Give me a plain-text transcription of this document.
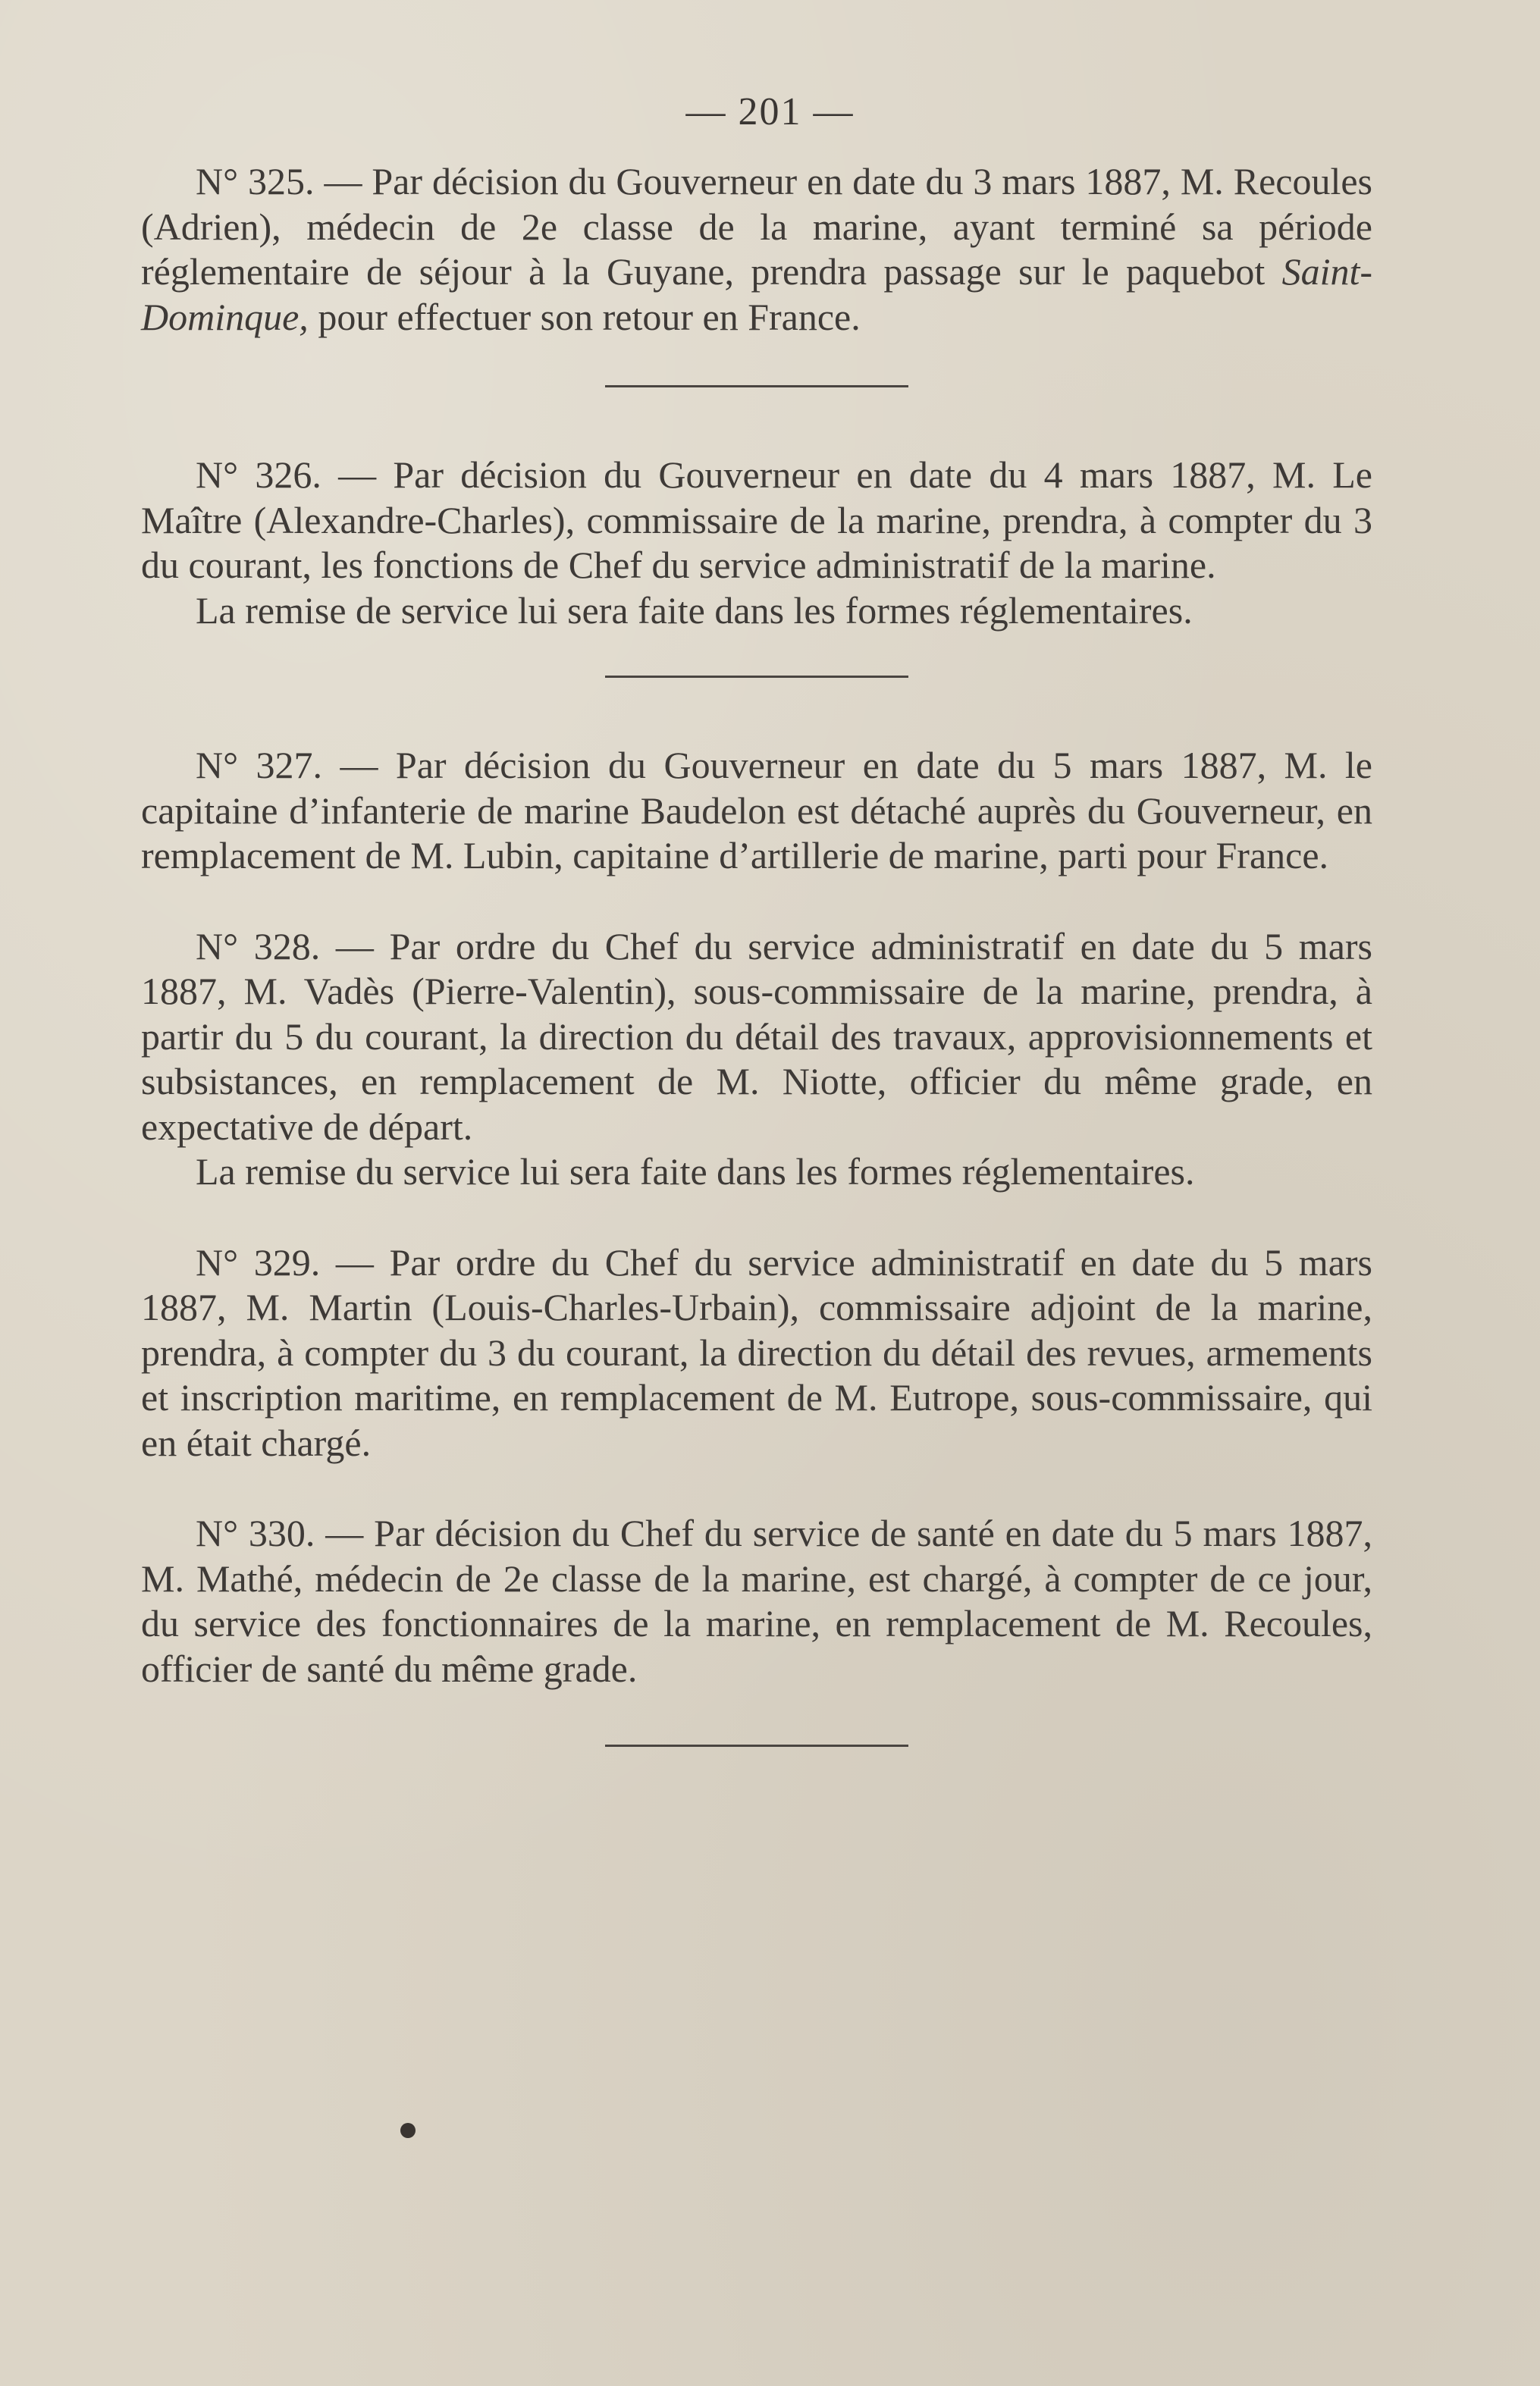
— 201 —

N° 325. — Par décision du Gouverneur en date du 3 mars 1887, M. Recoules (Adrien), médecin de 2e classe de la marine, ayant terminé sa période réglementaire de séjour à la Guyane, prendra passage sur le paquebot Saint-Dominque, pour effectuer son retour en France.

N° 326. — Par décision du Gouverneur en date du 4 mars 1887, M. Le Maître (Alexandre-Charles), commissaire de la marine, prendra, à compter du 3 du courant, les fonctions de Chef du service administratif de la marine.

La remise de service lui sera faite dans les formes réglementaires.

N° 327. — Par décision du Gouverneur en date du 5 mars 1887, M. le capitaine d’infanterie de marine Baudelon est détaché auprès du Gouverneur, en remplacement de M. Lubin, capitaine d’artillerie de marine, parti pour France.

N° 328. — Par ordre du Chef du service administratif en date du 5 mars 1887, M. Vadès (Pierre-Valentin), sous-commissaire de la marine, prendra, à partir du 5 du courant, la direction du détail des travaux, approvisionnements et subsistances, en remplacement de M. Niotte, officier du même grade, en expectative de départ.

La remise du service lui sera faite dans les formes réglementaires.

N° 329. — Par ordre du Chef du service administratif en date du 5 mars 1887, M. Martin (Louis-Charles-Urbain), commissaire adjoint de la marine, prendra, à compter du 3 du courant, la direction du détail des revues, armements et inscription maritime, en remplacement de M. Eutrope, sous-commissaire, qui en était chargé.

N° 330. — Par décision du Chef du service de santé en date du 5 mars 1887, M. Mathé, médecin de 2e classe de la marine, est chargé, à compter de ce jour, du service des fonctionnaires de la marine, en remplacement de M. Recoules, officier de santé du même grade.
